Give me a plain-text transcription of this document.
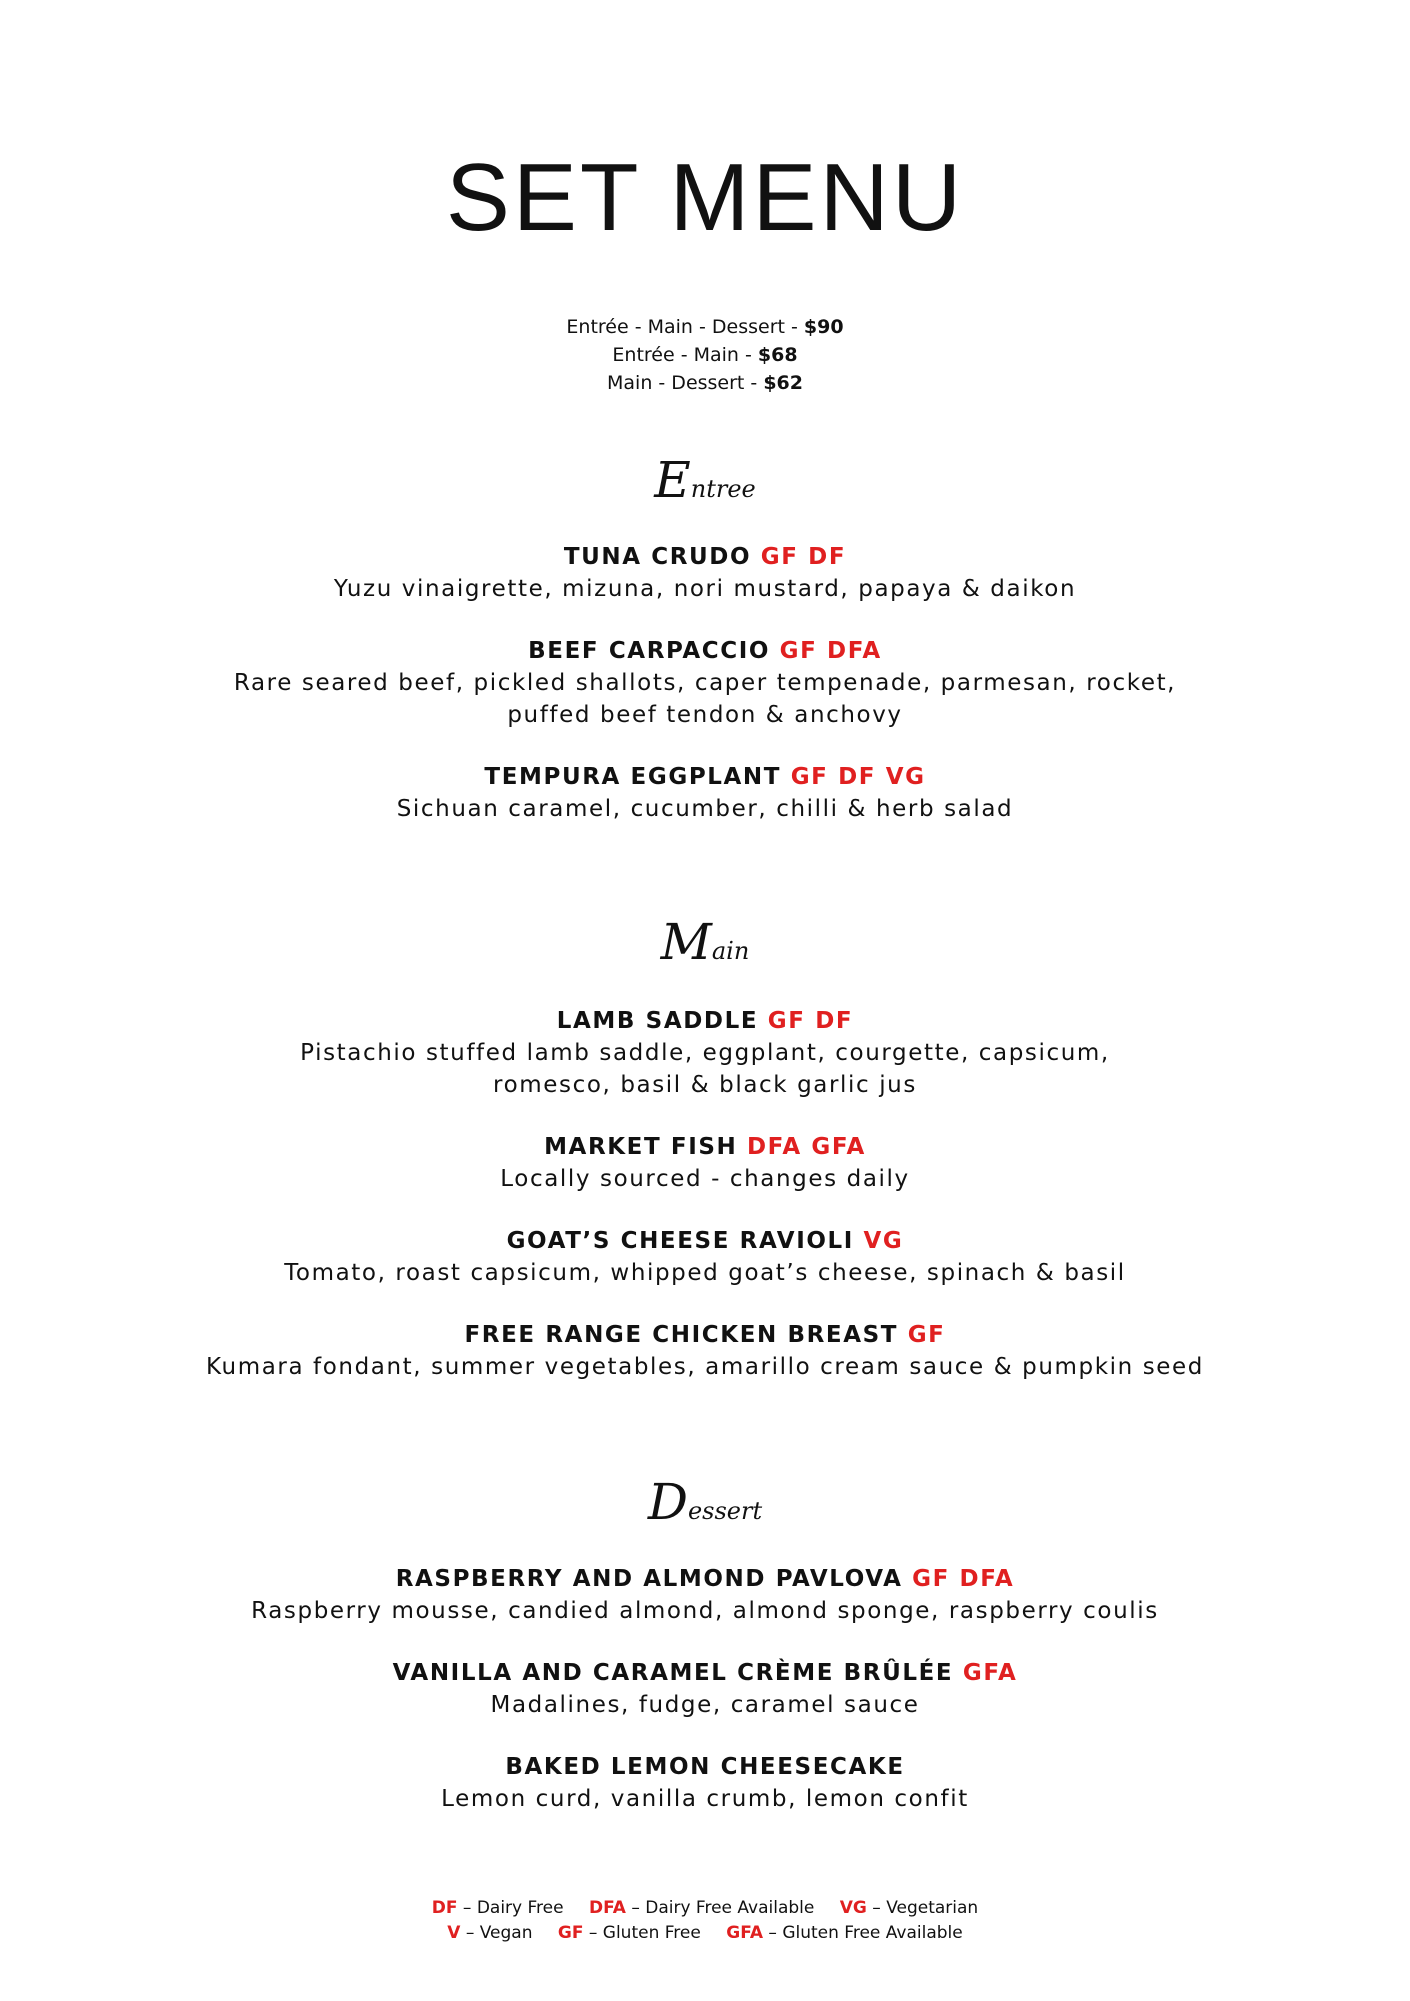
SET MENU
Entrée - Main - Dessert - $90
Entrée - Main - $68
Main - Dessert - $62
Entree
TUNA CRUDO GF DF
Yuzu vinaigrette, mizuna, nori mustard, papaya & daikon
BEEF CARPACCIO GF DFA
Rare seared beef, pickled shallots, caper tempenade, parmesan, rocket,
puffed beef tendon & anchovy
TEMPURA EGGPLANT GF DF VG
Sichuan caramel, cucumber, chilli & herb salad
Main
LAMB SADDLE GF DF
Pistachio stuffed lamb saddle, eggplant, courgette, capsicum,
romesco, basil & black garlic jus
MARKET FISH DFA GFA
Locally sourced - changes daily
GOAT’S CHEESE RAVIOLI VG
Tomato, roast capsicum, whipped goat’s cheese, spinach & basil
FREE RANGE CHICKEN BREAST GF
Kumara fondant, summer vegetables, amarillo cream sauce & pumpkin seed
Dessert
RASPBERRY AND ALMOND PAVLOVA GF DFA
Raspberry mousse, candied almond, almond sponge, raspberry coulis
VANILLA AND CARAMEL CRÈME BRÛLÉE GFA
Madalines, fudge, caramel sauce
BAKED LEMON CHEESECAKE
Lemon curd, vanilla crumb, lemon confit
DF – Dairy Free DFA – Dairy Free Available VG – Vegetarian
V – Vegan GF – Gluten Free GFA – Gluten Free Available
